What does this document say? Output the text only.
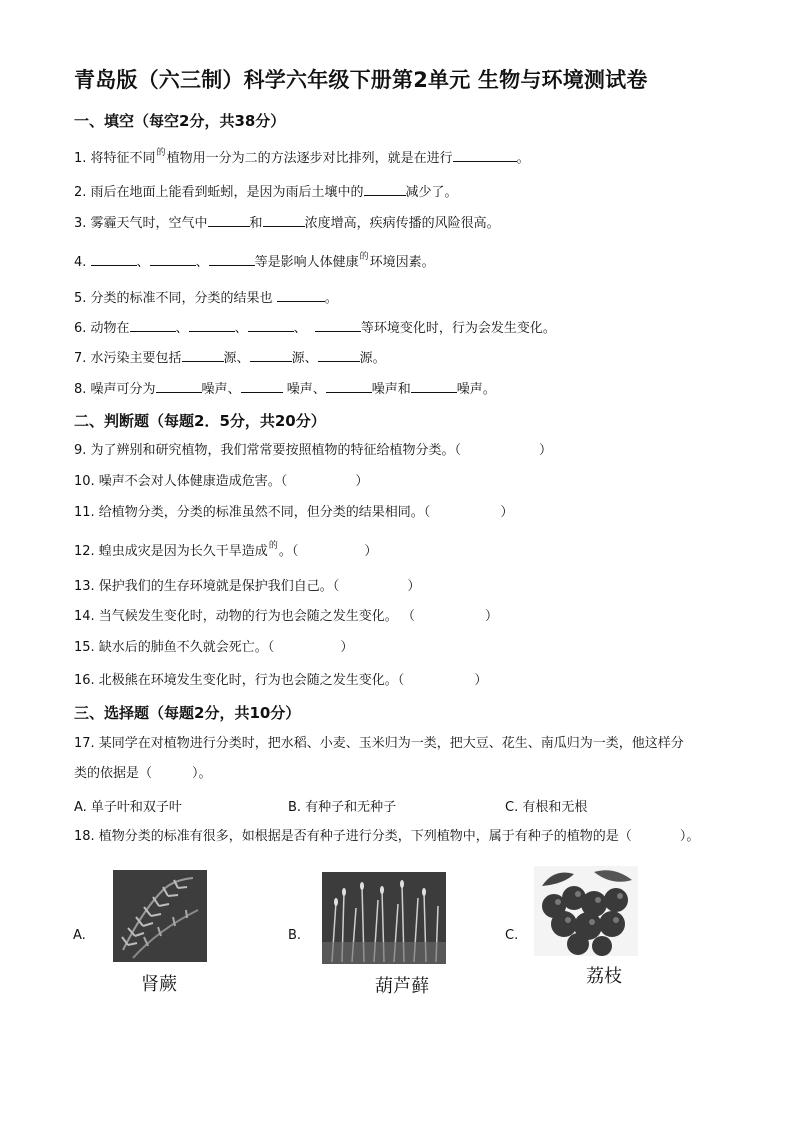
青岛版（六三制）科学六年级下册第2单元 生物与环境测试卷
一、填空（每空2分，共38分）
1. 将特征不同$^的$植物用一分为二的方法逐步对比排列，就是在进行	。
2. 雨后在地面上能看到蚯蚓，是因为雨后土壤中的	减少了。
3. 雾霾天气时，空气中	和	浓度增高，疾病传播的风险很高。
4.	、	、	等是影响人体健康$^的$环境因素。
5. 分类的标准不同，分类的结果也	。
6. 动物在	、	、	、	等环境变化时，行为会发生变化。
7. 水污染主要包括	源、	源、	源。
8. 噪声可分为	噪声、	噪声、	噪声和	噪声。
二、判断题（每题2．5分，共20分）
9. 为了辨别和研究植物，我们常常要按照植物的特征给植物分类。（	）
10. 噪声不会对人体健康造成危害。（	）
11. 给植物分类，分类的标准虽然不同，但分类的结果相同。（	）
12. 蝗虫成灾是因为长久干旱造成$^的$。（	）
13. 保护我们的生存环境就是保护我们自己。（	）
14. 当气候发生变化时，动物的行为也会随之发生变化。 （	）
15. 缺水后的肺鱼不久就会死亡。（	）
16. 北极熊在环境发生变化时，行为也会随之发生变化。（	）
三、选择题（每题2分，共10分）
17. 某同学在对植物进行分类时，把水稻、小麦、玉米归为一类，把大豆、花生、南瓜归为一类，他这样分
类的依据是（	）。
A. 单子叶和双子叶	B. 有种子和无种子	C. 有根和无根
18. 植物分类的标准有很多，如根据是否有种子进行分类，下列植物中，属于有种子的植物的是（	）。
A.
肾蕨
B.
葫芦藓
C.
荔枝
